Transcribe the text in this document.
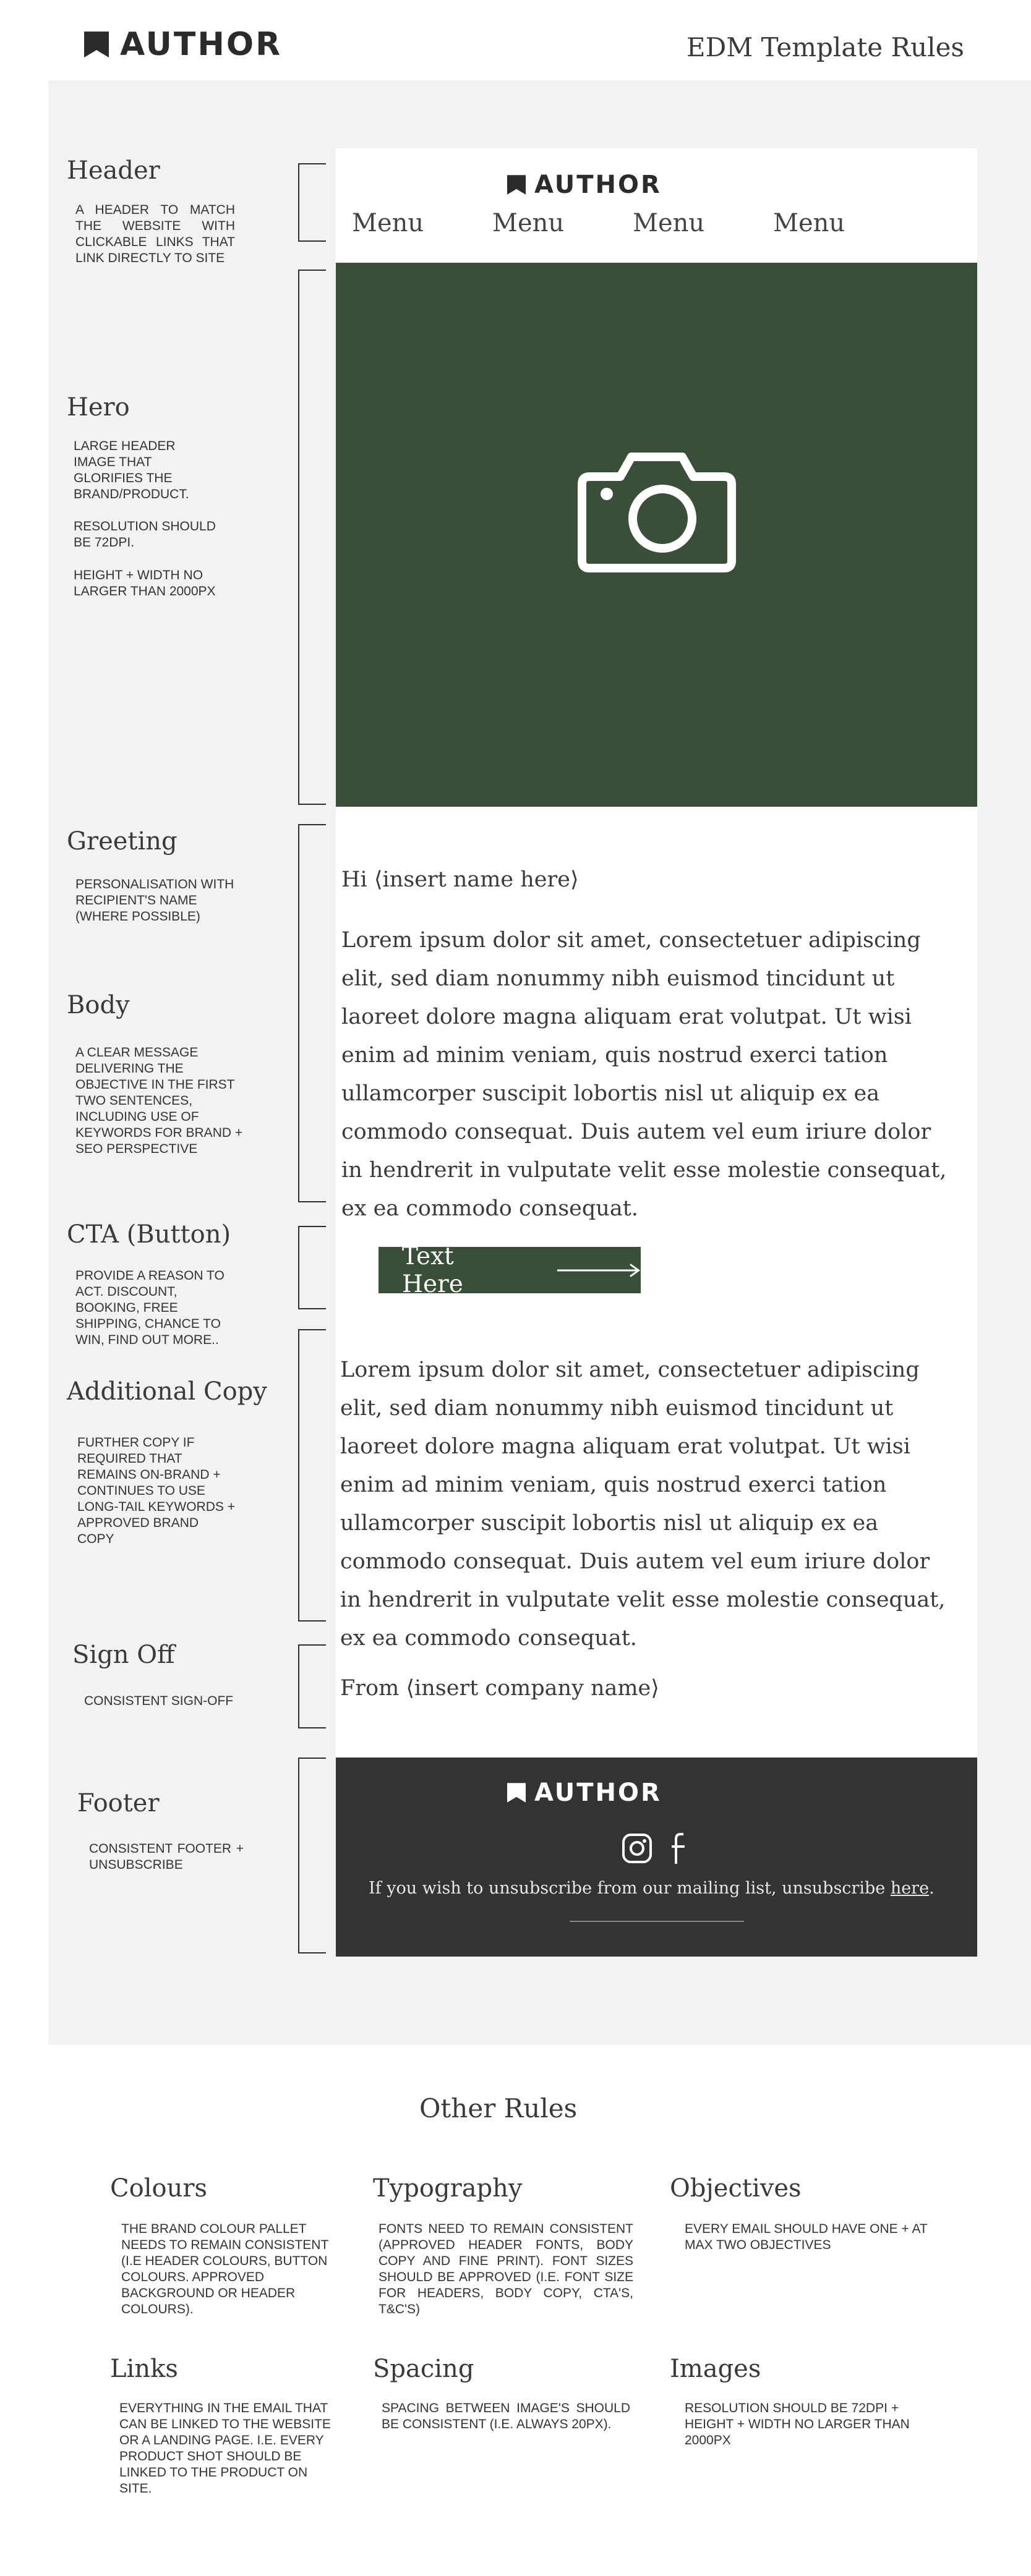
AUTHOR	EDM Template Rules
Header
A HEADER TO MATCH THE WEBSITE WITH CLICKABLE LINKS THAT LINK DIRECTLY TO SITE
Hero
LARGE HEADER IMAGE THAT GLORIFIES THE BRAND/PRODUCT.
RESOLUTION SHOULD BE 72DPI.
HEIGHT + WIDTH NO LARGER THAN 2000PX
Greeting
PERSONALISATION WITH RECIPIENT'S NAME (WHERE POSSIBLE)
Body
A CLEAR MESSAGE DELIVERING THE OBJECTIVE IN THE FIRST TWO SENTENCES, INCLUDING USE OF KEYWORDS FOR BRAND + SEO PERSPECTIVE
CTA (Button)
PROVIDE A REASON TO ACT. DISCOUNT, BOOKING, FREE SHIPPING, CHANCE TO WIN, FIND OUT MORE..
Additional Copy
FURTHER COPY IF REQUIRED THAT REMAINS ON-BRAND + CONTINUES TO USE LONG-TAIL KEYWORDS + APPROVED BRAND COPY
Sign Off
CONSISTENT SIGN-OFF
Footer
CONSISTENT FOOTER + UNSUBSCRIBE
AUTHOR
Menu	Menu	Menu	Menu
Hi ⟨insert name here⟩
Lorem ipsum dolor sit amet, consectetuer adipiscing
elit, sed diam nonummy nibh euismod tincidunt ut
laoreet dolore magna aliquam erat volutpat. Ut wisi
enim ad minim veniam, quis nostrud exerci tation
ullamcorper suscipit lobortis nisl ut aliquip ex ea
commodo consequat. Duis autem vel eum iriure dolor
in hendrerit in vulputate velit esse molestie consequat,
ex ea commodo consequat.
Text Here
Lorem ipsum dolor sit amet, consectetuer adipiscing
elit, sed diam nonummy nibh euismod tincidunt ut
laoreet dolore magna aliquam erat volutpat. Ut wisi
enim ad minim veniam, quis nostrud exerci tation
ullamcorper suscipit lobortis nisl ut aliquip ex ea
commodo consequat. Duis autem vel eum iriure dolor
in hendrerit in vulputate velit esse molestie consequat,
ex ea commodo consequat.
From ⟨insert company name⟩
AUTHOR
If you wish to unsubscribe from our mailing list, unsubscribe here.
Other Rules
Colours
THE BRAND COLOUR PALLET NEEDS TO REMAIN CONSISTENT (I.E HEADER COLOURS, BUTTON COLOURS. APPROVED BACKGROUND OR HEADER COLOURS).
Typography
FONTS NEED TO REMAIN CONSISTENT (APPROVED HEADER FONTS, BODY COPY AND FINE PRINT). FONT SIZES SHOULD BE APPROVED (I.E. FONT SIZE FOR HEADERS, BODY COPY, CTA'S, T&C'S)
Objectives
EVERY EMAIL SHOULD HAVE ONE + AT MAX TWO OBJECTIVES
Links
EVERYTHING IN THE EMAIL THAT CAN BE LINKED TO THE WEBSITE OR A LANDING PAGE. I.E. EVERY PRODUCT SHOT SHOULD BE LINKED TO THE PRODUCT ON SITE.
Spacing
SPACING BETWEEN IMAGE'S SHOULD BE CONSISTENT (I.E. ALWAYS 20PX).
Images
RESOLUTION SHOULD BE 72DPI + HEIGHT + WIDTH NO LARGER THAN 2000PX
